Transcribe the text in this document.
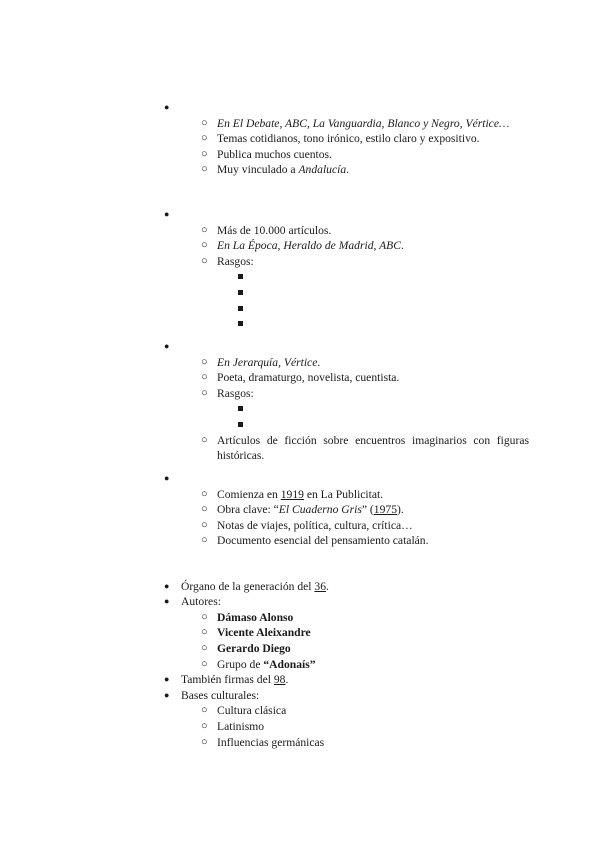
●
○ En El Debate, ABC, La Vanguardia, Blanco y Negro, Vértice…
○ Temas cotidianos, tono irónico, estilo claro y expositivo.
○ Publica muchos cuentos.
○ Muy vinculado a Andalucía.
●
○ Más de 10.000 artículos.
○ En La Época, Heraldo de Madrid, ABC.
○ Rasgos:
●
○ En Jerarquía, Vértice.
○ Poeta, dramaturgo, novelista, cuentista.
○ Rasgos:
○ Artículos de ficción sobre encuentros imaginarios con figuras históricas.
●
○ Comienza en 1919 en La Publicitat.
○ Obra clave: “El Cuaderno Gris” (1975).
○ Notas de viajes, política, cultura, crítica…
○ Documento esencial del pensamiento catalán.
● Órgano de la generación del 36.
● Autores:
○ Dámaso Alonso
○ Vicente Aleixandre
○ Gerardo Diego
○ Grupo de “Adonaís”
● También firmas del 98.
● Bases culturales:
○ Cultura clásica
○ Latinismo
○ Influencias germánicas
